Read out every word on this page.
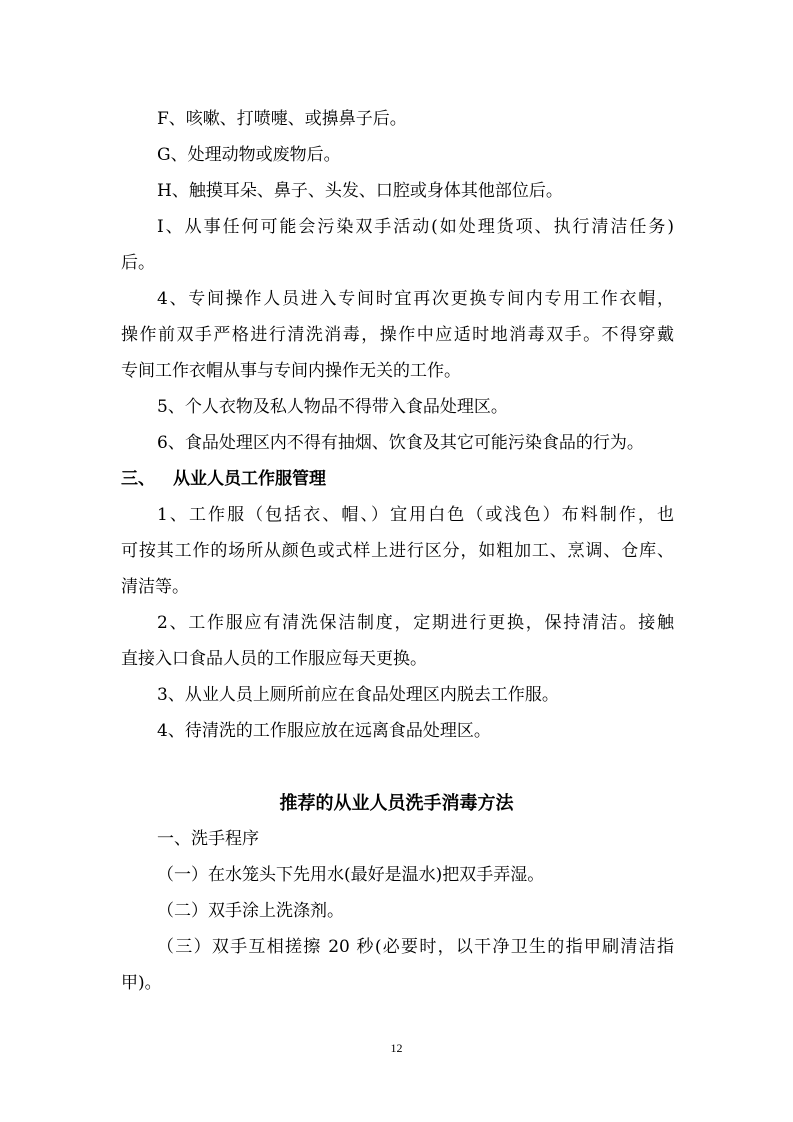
F、咳嗽、打喷嚏、或擤鼻子后。
G、处理动物或废物后。
H、触摸耳朵、鼻子、头发、口腔或身体其他部位后。
I、从事任何可能会污染双手活动(如处理货项、执行清洁任务)
后。
4、专间操作人员进入专间时宜再次更换专间内专用工作衣帽，
操作前双手严格进行清洗消毒，操作中应适时地消毒双手。不得穿戴
专间工作衣帽从事与专间内操作无关的工作。
5、个人衣物及私人物品不得带入食品处理区。
6、食品处理区内不得有抽烟、饮食及其它可能污染食品的行为。
三、 从业人员工作服管理
1、工作服（包括衣、帽、）宜用白色（或浅色）布料制作，也
可按其工作的场所从颜色或式样上进行区分，如粗加工、烹调、仓库、
清洁等。
2、工作服应有清洗保洁制度，定期进行更换，保持清洁。接触
直接入口食品人员的工作服应每天更换。
3、从业人员上厕所前应在食品处理区内脱去工作服。
4、待清洗的工作服应放在远离食品处理区。
推荐的从业人员洗手消毒方法
一、洗手程序
（一）在水笼头下先用水(最好是温水)把双手弄湿。
（二）双手涂上洗涤剂。
（三）双手互相搓擦 20 秒(必要时，以干净卫生的指甲刷清洁指
甲)。
12
